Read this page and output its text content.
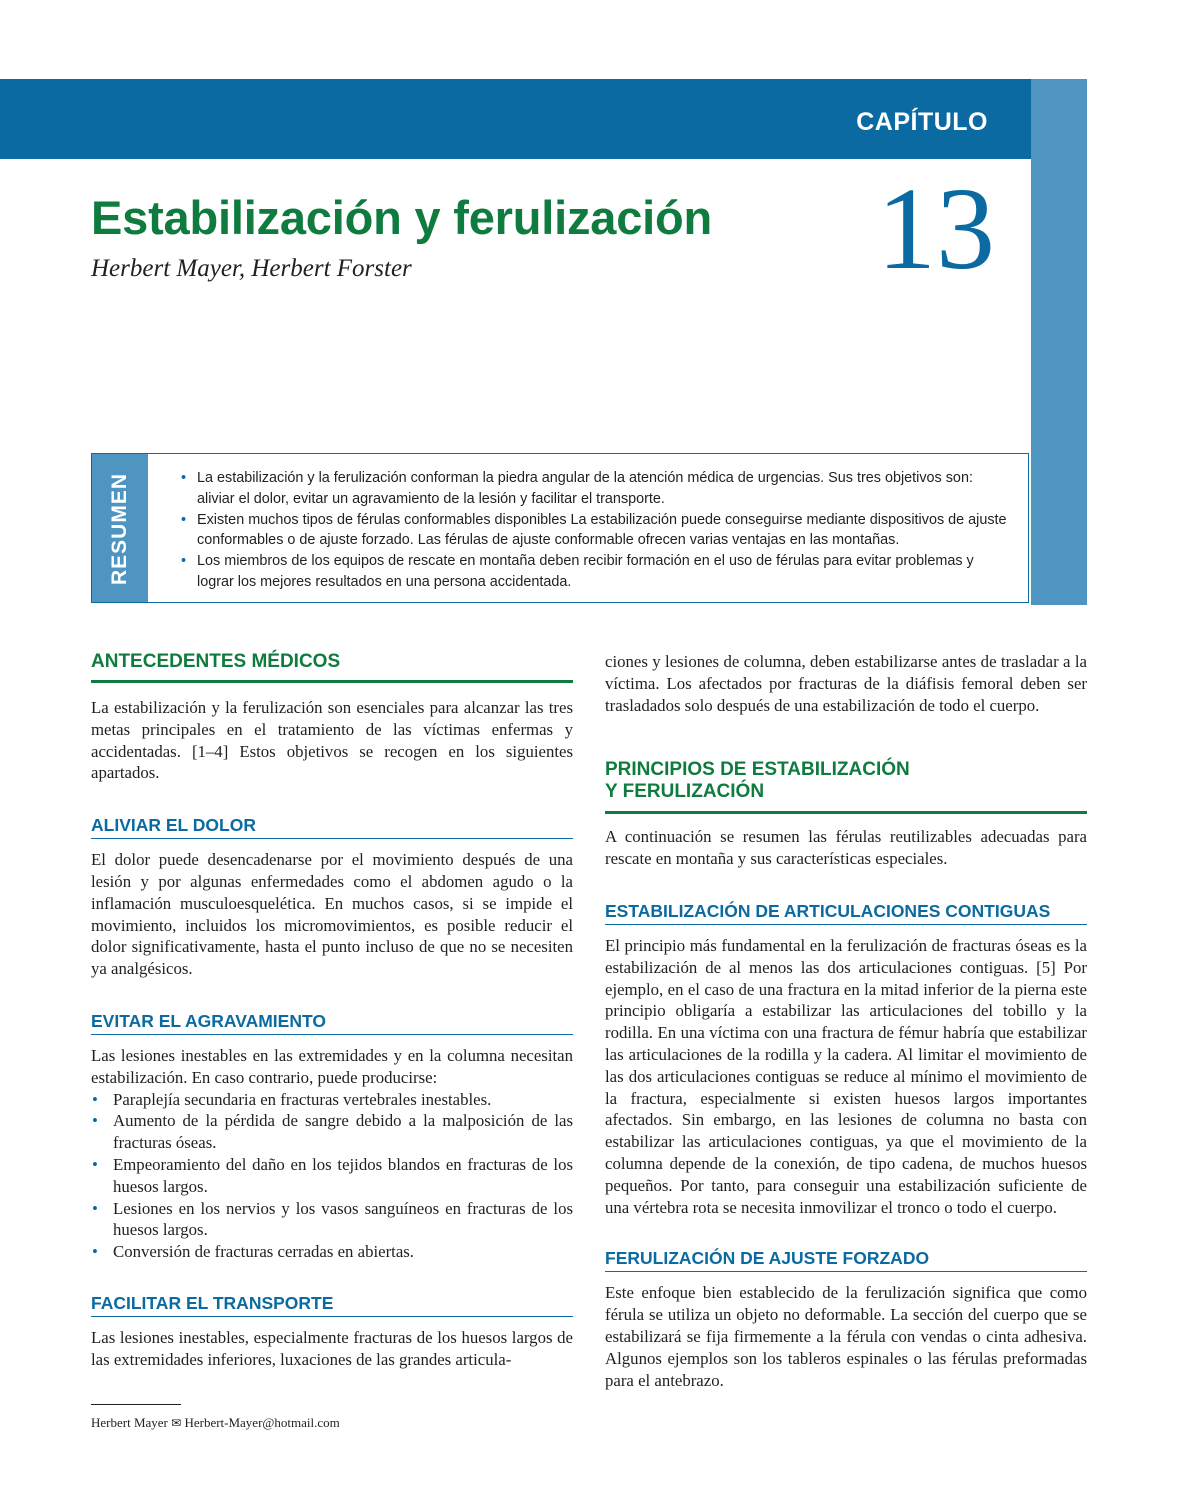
CAPÍTULO
13
Estabilización y ferulización
Herbert Mayer, Herbert Forster
RESUMEN
•	La estabilización y la ferulización conforman la piedra angular de la atención médica de urgencias. Sus tres objetivos son: aliviar el dolor, evitar un agravamiento de la lesión y facilitar el transporte.
• Existen muchos tipos de férulas conformables disponibles La estabilización puede conseguirse mediante dispositivos de ajuste conformables o de ajuste forzado. Las férulas de ajuste conformable ofrecen varias ventajas en las montañas.
• Los miembros de los equipos de rescate en montaña deben recibir formación en el uso de férulas para evitar problemas y lograr los mejores resultados en una persona accidentada.
ANTECEDENTES MÉDICOS

La estabilización y la ferulización son esenciales para alcanzar las tres metas principales en el tratamiento de las víctimas enfermas y accidentadas. [1–4] Estos objetivos se recogen en los siguientes apartados.

ALIVIAR EL DOLOR

El dolor puede desencadenarse por el movimiento después de una lesión y por algunas enfermedades como el abdomen agudo o la inflamación musculoesquelética. En muchos casos, si se impide el movimiento, incluidos los micromovimientos, es posible reducir el dolor significativamente, hasta el punto incluso de que no se necesiten ya analgésicos.

EVITAR EL AGRAVAMIENTO

Las lesiones inestables en las extremidades y en la columna necesitan estabilización. En caso contrario, puede producirse:

• Paraplejía secundaria en fracturas vertebrales inestables.
• Aumento de la pérdida de sangre debido a la malposición de las fracturas óseas.
• Empeoramiento del daño en los tejidos blandos en fracturas de los huesos largos.
• Lesiones en los nervios y los vasos sanguíneos en fracturas de los huesos largos.
• Conversión de fracturas cerradas en abiertas.
FACILITAR EL TRANSPORTE

Las lesiones inestables, especialmente fracturas de los huesos largos de las extremidades inferiores, luxaciones de las grandes articula-

ciones y lesiones de columna, deben estabilizarse antes de trasladar a la víctima. Los afectados por fracturas de la diáfisis femoral deben ser trasladados solo después de una estabilización de todo el cuerpo.

PRINCIPIOS DE ESTABILIZACIÓN
Y FERULIZACIÓN

A continuación se resumen las férulas reutilizables adecuadas para rescate en montaña y sus características especiales.

ESTABILIZACIÓN DE ARTICULACIONES CONTIGUAS

El principio más fundamental en la ferulización de fracturas óseas es la estabilización de al menos las dos articulaciones contiguas. [5] Por ejemplo, en el caso de una fractura en la mitad inferior de la pierna este principio obligaría a estabilizar las articulaciones del tobillo y la rodilla. En una víctima con una fractura de fémur habría que estabilizar las articulaciones de la rodilla y la cadera. Al limitar el movimiento de las dos articulaciones contiguas se reduce al mínimo el movimiento de la fractura, especialmente si existen huesos largos importantes afectados. Sin embargo, en las lesiones de columna no basta con estabilizar las articulaciones contiguas, ya que el movimiento de la columna depende de la conexión, de tipo cadena, de muchos huesos pequeños. Por tanto, para conseguir una estabilización suficiente de una vértebra rota se necesita inmovilizar el tronco o todo el cuerpo.

FERULIZACIÓN DE AJUSTE FORZADO

Este enfoque bien establecido de la ferulización significa que como férula se utiliza un objeto no deformable. La sección del cuerpo que se estabilizará se fija firmemente a la férula con vendas o cinta adhesiva. Algunos ejemplos son los tableros espinales o las férulas preformadas para el antebrazo.

Herbert Mayer ✉ Herbert-Mayer@hotmail.com
